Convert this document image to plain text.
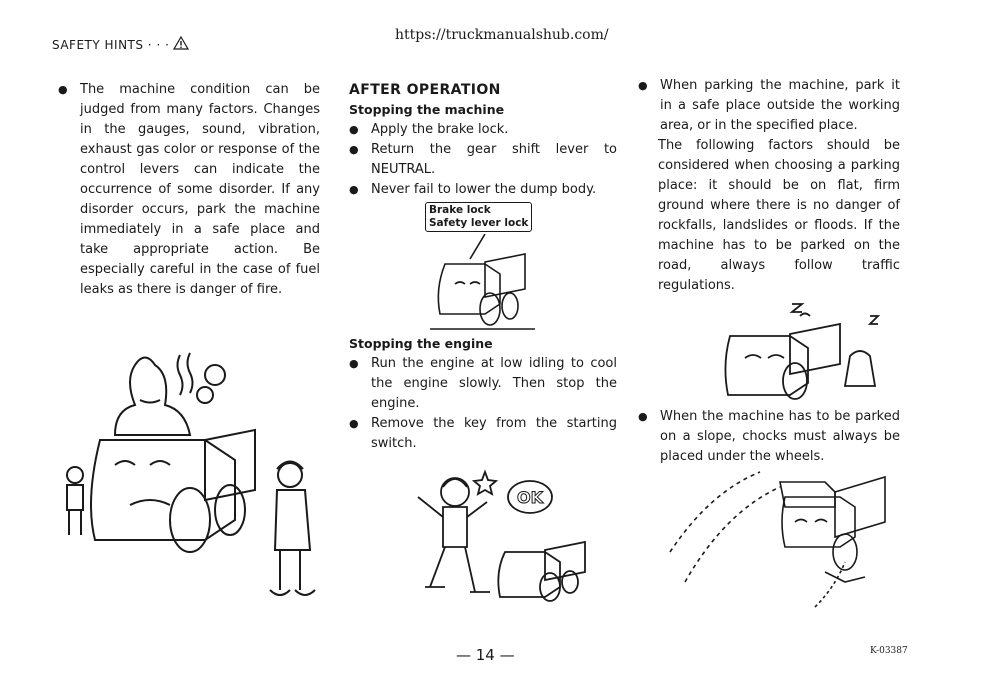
SAFETY HINTS · · ·
https://truckmanualshub.com/
● The machine condition can be judged from many factors. Changes in the gauges, sound, vibration, exhaust gas color or response of the control levers can indicate the occurrence of some disorder. If any disorder occurs, park the machine immediately in a safe place and take appropriate action. Be especially careful in the case of fuel leaks as there is danger of fire.
AFTER OPERATION
Stopping the machine
● Apply the brake lock.
● Return the gear shift lever to NEUTRAL.
● Never fail to lower the dump body.
Brake lock
Safety lever lock
Stopping the engine
● Run the engine at low idling to cool the engine slowly. Then stop the engine.
● Remove the key from the starting switch.
OK
● When parking the machine, park it in a safe place outside the working area, or in the specified place.
The following factors should be considered when choosing a parking place: it should be on flat, firm ground where there is no danger of rockfalls, landslides or floods. If the machine has to be parked on the road, always follow traffic regulations.
● When the machine has to be parked on a slope, chocks must always be placed under the wheels.
— 14 —	K-03387
